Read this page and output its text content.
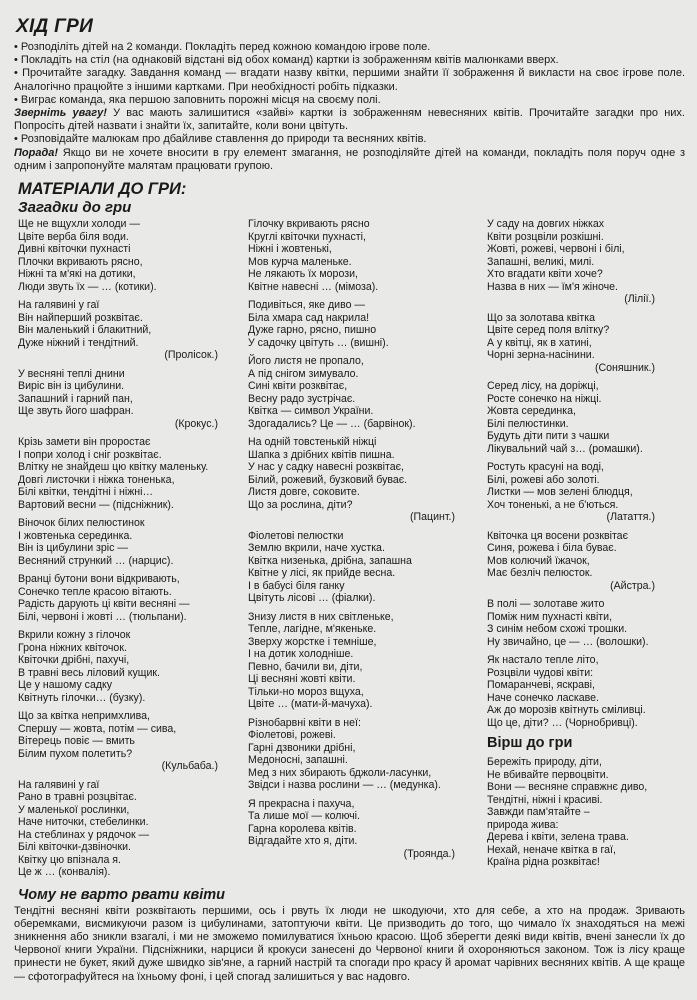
ХІД ГРИ

• Розподіліть дітей на 2 команди. Покладіть перед кожною командою ігрове поле.

• Покладіть на стіл (на однаковій відстані від обох команд) картки із зображенням квітів малюнками вверх.

• Прочитайте загадку. Завдання команд — вгадати назву квітки, першими знайти її зображення й викласти на своє ігрове поле. Аналогічно працюйте з іншими картками. При необхідності робіть підказки.

• Виграє команда, яка першою заповнить порожні місця на своєму полі.

Зверніть увагу! У вас мають залишитися «зайві» картки із зображенням невесняних квітів. Прочитайте загадки про них. Попросіть дітей назвати і знайти їх, запитайте, коли вони цвітуть.

• Розповідайте малюкам про дбайливе ставлення до природи та весняних квітів.

Порада! Якщо ви не хочете вносити в гру елемент змагання, не розподіляйте дітей на команди, покладіть поля поруч одне з одним і запропонуйте малятам працювати групою.

МАТЕРІАЛИ ДО ГРИ:
Загадки до гри
Ще не вщухли холоди —
Цвіте верба біля води.
Дивні квіточки пухнасті
Плочки вкривають рясно,
Ніжні та м'які на дотики,
Люди звуть їх — … (котики).
На галявині у гаї
Він найперший розквітає.
Він маленький і блакитний,
Дуже ніжний і тендітний.
(Пролісок.)
У весняні теплі днини
Виріс він із цибулини.
Запашний і гарний пан,
Ще звуть його шафран.
(Крокус.)
Крізь замети він проростає
І попри холод і сніг розквітає.
Влітку не знайдеш цю квітку маленьку.
Довгі листочки і ніжка тоненька,
Білі квітки, тендітні і ніжні…
Вартовий весни — (підсніжник).
Віночок білих пелюстинок
І жовтенька серединка.
Він із цибулини зріс —
Весняний стрункий … (нарцис).
Вранці бутони вони відкривають,
Сонечко тепле красою вітають.
Радість дарують ці квіти весняні —
Білі, червоні і жовті … (тюльпани).
Вкрили кожну з гілочок
Грона ніжних квіточок.
Квіточки дрібні, пахучі,
В травні весь ліловий кущик.
Це у нашому садку
Квітнуть гілочки… (бузку).
Що за квітка непримхлива,
Спершу — жовта, потім — сива,
Вітерець повіє — вмить
Білим пухом полетить?
(Кульбаба.)
На галявині у гаї
Рано в травні розцвітає.
У маленької рослинки,
Наче ниточки, стебелинки.
На стеблинах у рядочок —
Білі квіточки-дзвіночки.
Квітку цю впізнала я.
Це ж … (конвалія).
Гілочку вкривають рясно
Круглі квіточки пухнасті,
Ніжні і жовтенькі,
Мов курча маленьке.
Не лякають їх морози,
Квітне навесні … (мімоза).
Подивіться, яке диво —
Біла хмара сад накрила!
Дуже гарно, рясно, пишно
У садочку цвітуть … (вишні).
Його листя не пропало,
А під снігом зимувало.
Сині квіти розквітає,
Весну радо зустрічає.
Квітка — символ України.
Здогадались? Це — … (барвінок).
На одній товстенькій ніжці
Шапка з дрібних квітів пишна.
У нас у садку навесні розквітає,
Білий, рожевий, бузковий буває.
Листя довге, соковите.
Що за рослина, діти?
(Пацинт.)
Фіолетові пелюстки
Землю вкрили, наче хустка.
Квітка низенька, дрібна, запашна
Квітне у лісі, як прийде весна.
І в бабусі біля ганку
Цвітуть лісові … (фіалки).
Знизу листя в них світленьке,
Тепле, лагідне, м'якеньке.
Зверху жорстке і темніше,
І на дотик холодніше.
Певно, бачили ви, діти,
Ці весняні жовті квіти.
Тільки-но мороз вщуха,
Цвіте … (мати-й-мачуха).
Різнобарвні квіти в неї:
Фіолетові, рожеві.
Гарні дзвоники дрібні,
Медоносні, запашні.
Мед з них збирають бджоли-ласунки,
Звідси і назва рослини — … (медунка).
Я прекрасна і пахуча,
Та лише мої — колючі.
Гарна королева квітів.
Відгадайте хто я, діти.
(Троянда.)
У саду на довгих ніжках
Квіти розцвіли розкішні.
Жовті, рожеві, червоні і білі,
Запашні, великі, милі.
Хто вгадати квіти хоче?
Назва в них — їм'я жіноче.
(Лілії.)
Що за золотава квітка
Цвіте серед поля влітку?
А у квітці, як в хатині,
Чорні зерна-насінини.
(Соняшник.)
Серед лісу, на доріжці,
Росте сонечко на ніжці.
Жовта серединка,
Білі пелюстинки.
Будуть діти пити з чашки
Лікувальний чай з… (ромашки).
Ростуть красуні на воді,
Білі, рожеві або золоті.
Листки — мов зелені блюдця,
Хоч тоненькі, а не б'ються.
(Латаття.)
Квіточка ця восени розквітає
Синя, рожева і біла буває.
Мов колючий їжачок,
Має безліч пелюсток.
(Айстра.)
В полі — золотаве жито
Поміж ним пухнасті квіти,
З синім небом схожі трошки.
Ну звичайно, це — … (волошки).
Як настало тепле літо,
Розцвіли чудові квіти:
Помаранчеві, яскраві,
Наче сонечко ласкаве.
Аж до морозів квітнуть сміливці.
Що це, діти? … (Чорнобривці).
Вірш до гри
Бережіть природу, діти,
Не вбивайте первоцвіти.
Вони — весняне справжнє диво,
Тендітні, ніжні і красиві.
Завжди пам'ятайте –
природа жива:
Дерева і квіти, зелена трава.
Нехай, неначе квітка в гаї,
Країна рідна розквітає!
Чому не варто рвати квіти

Тендітні весняні квіти розквітають першими, ось і рвуть їх люди не шкодуючи, хто для себе, а хто на продаж. Зривають оберемками, висмикуючи разом із цибулинами, затоптуючи квіти. Це призводить до того, що чимало їх знаходяться на межі зникнення або зникли взагалі, і ми не зможемо помилуватися їхньою красою. Щоб зберегти деякі види квітів, вчені занесли їх до Червоної книги України. Підсніжники, нарциси й крокуси занесені до Червоної книги й охороняються законом. Тож із лісу краще принести не букет, який дуже швидко зів'яне, а гарний настрій та спогади про красу й аромат чарівних весняних квітів. А ще краще — сфотографуйтеся на їхньому фоні, і цей спогад залишиться у вас надовго.
